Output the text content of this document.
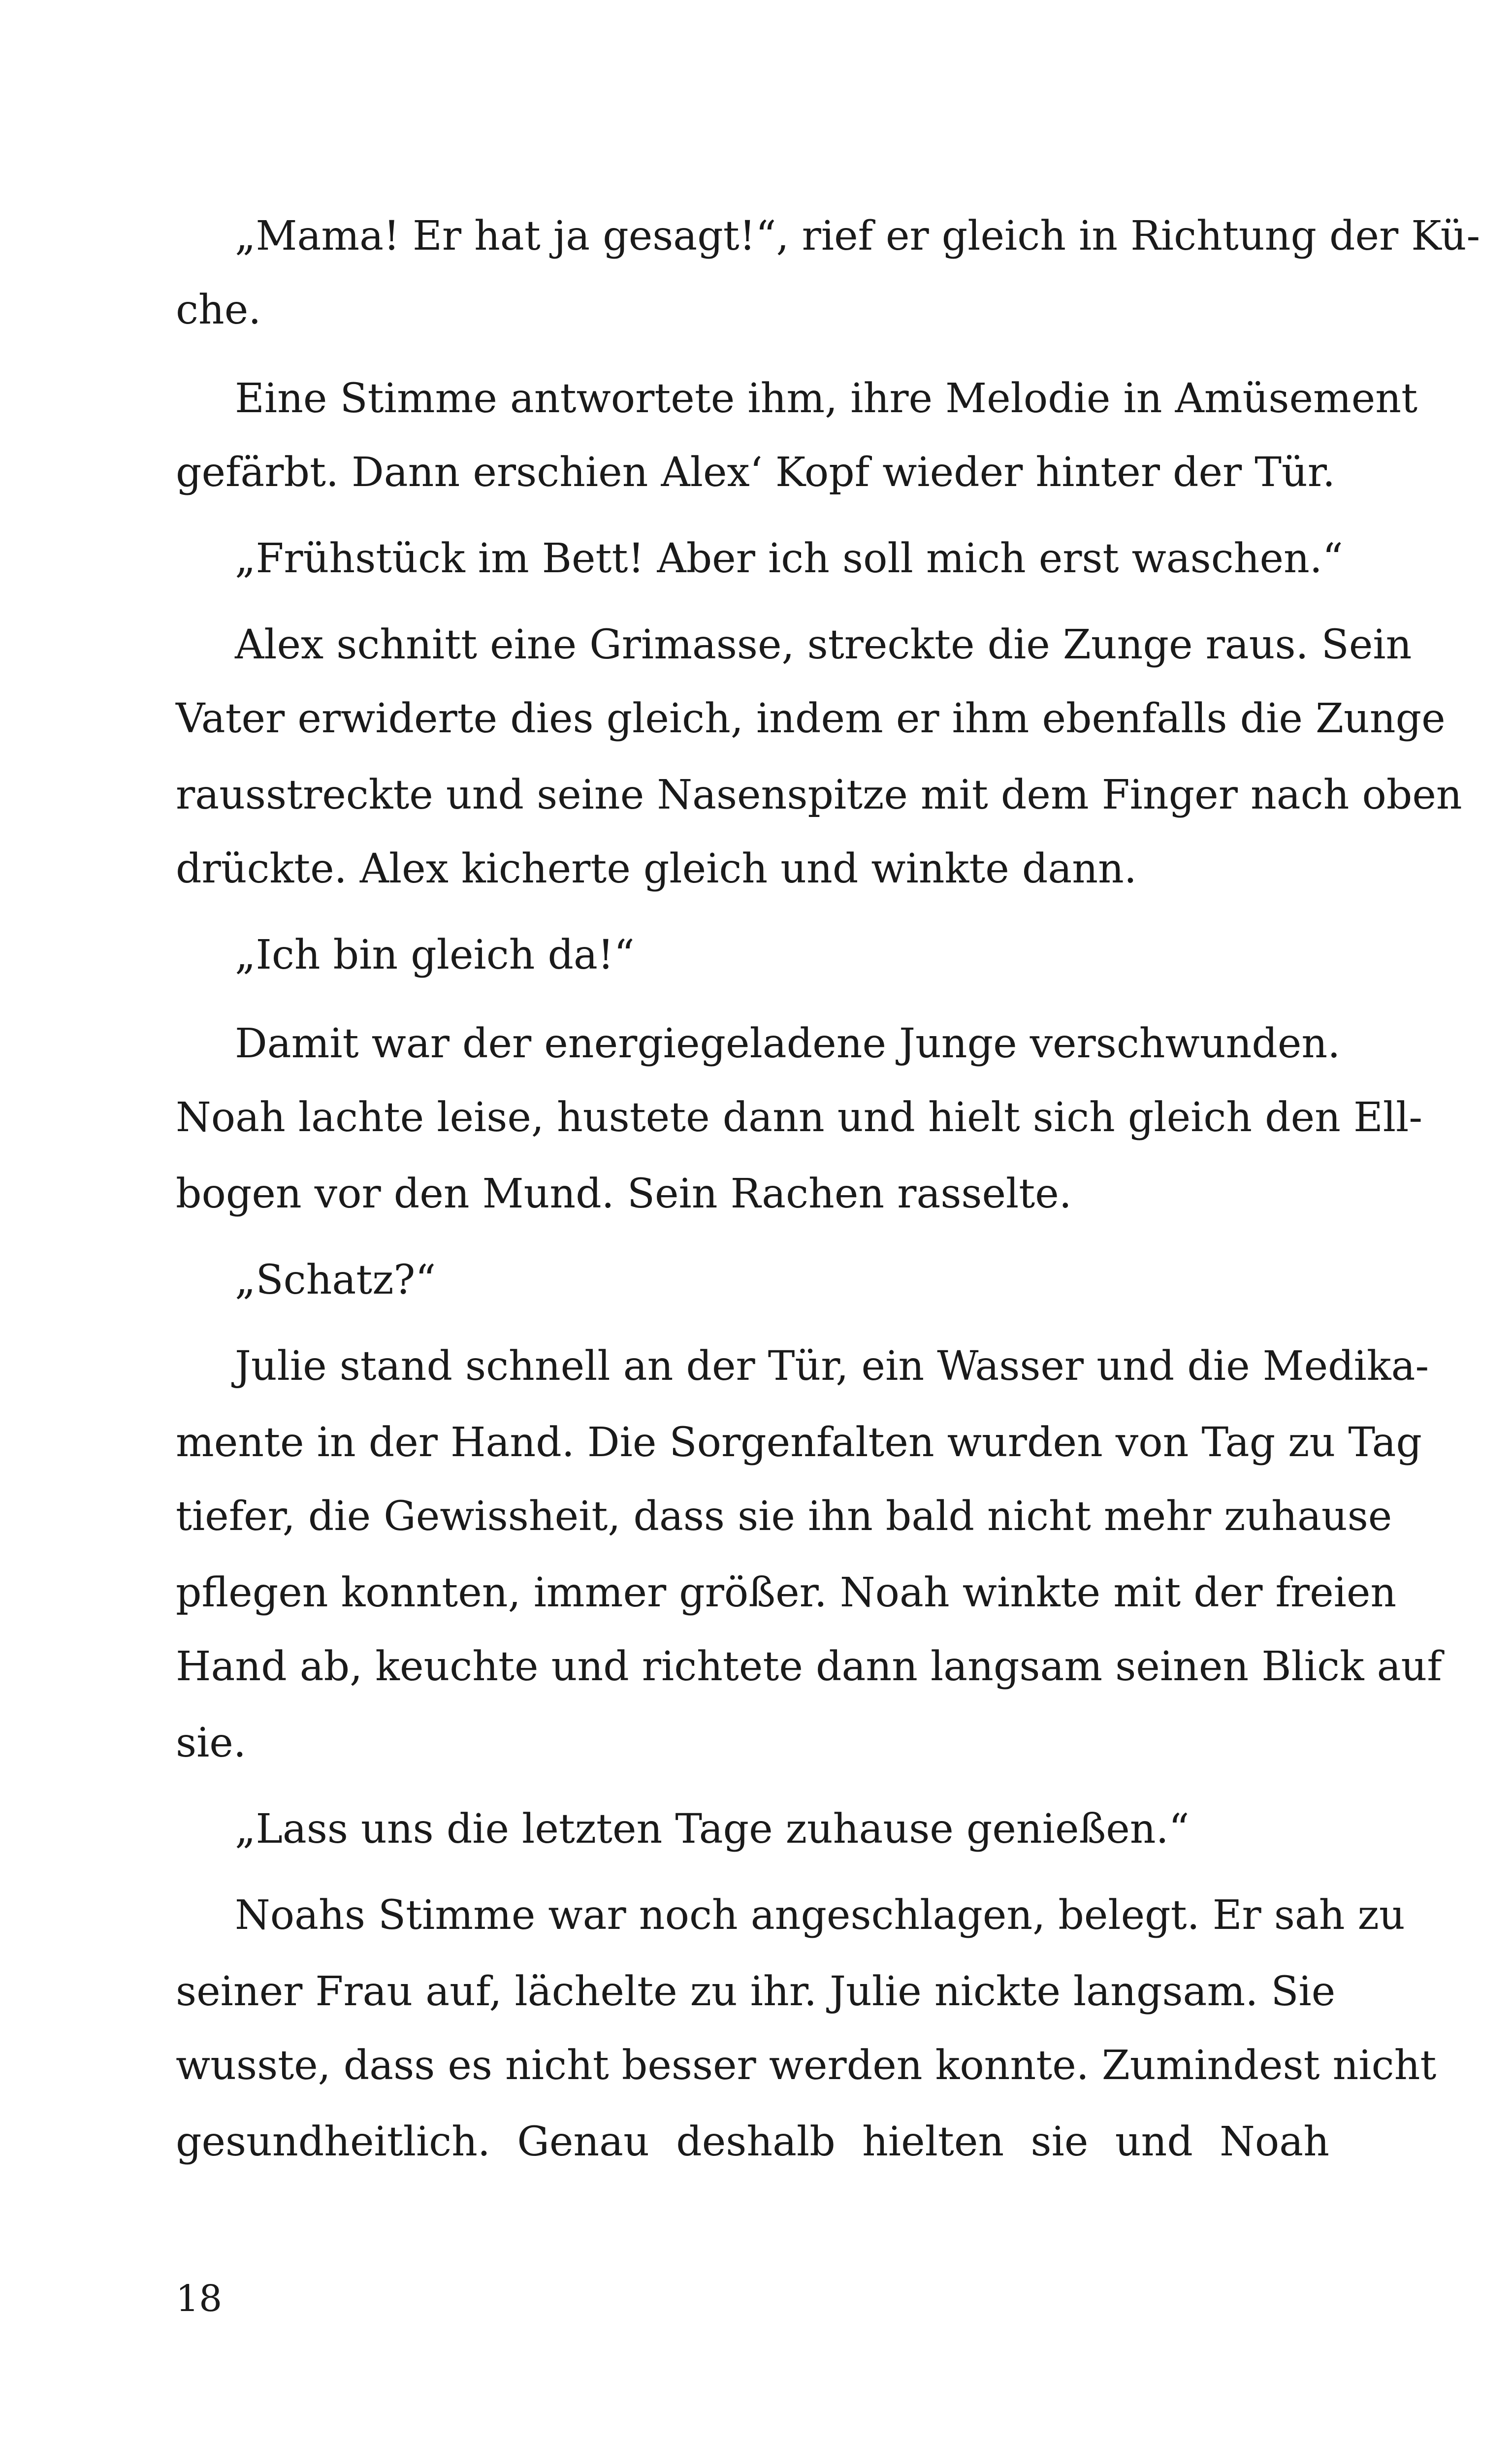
„Mama! Er hat ja gesagt!“, rief er gleich in Richtung der Kü-
che.
Eine Stimme antwortete ihm, ihre Melodie in Amüsement
gefärbt. Dann erschien Alex‘ Kopf wieder hinter der Tür.
„Frühstück im Bett! Aber ich soll mich erst waschen.“
Alex schnitt eine Grimasse, streckte die Zunge raus. Sein
Vater erwiderte dies gleich, indem er ihm ebenfalls die Zunge
rausstreckte und seine Nasenspitze mit dem Finger nach oben
drückte. Alex kicherte gleich und winkte dann.
„Ich bin gleich da!“
Damit war der energiegeladene Junge verschwunden.
Noah lachte leise, hustete dann und hielt sich gleich den Ell-
bogen vor den Mund. Sein Rachen rasselte.
„Schatz?“
Julie stand schnell an der Tür, ein Wasser und die Medika-
mente in der Hand. Die Sorgenfalten wurden von Tag zu Tag
tiefer, die Gewissheit, dass sie ihn bald nicht mehr zuhause
pflegen konnten, immer größer. Noah winkte mit der freien
Hand ab, keuchte und richtete dann langsam seinen Blick auf
sie.
„Lass uns die letzten Tage zuhause genießen.“
Noahs Stimme war noch angeschlagen, belegt. Er sah zu
seiner Frau auf, lächelte zu ihr. Julie nickte langsam. Sie
wusste, dass es nicht besser werden konnte. Zumindest nicht
gesundheitlich. Genau deshalb hielten sie und Noah
18
